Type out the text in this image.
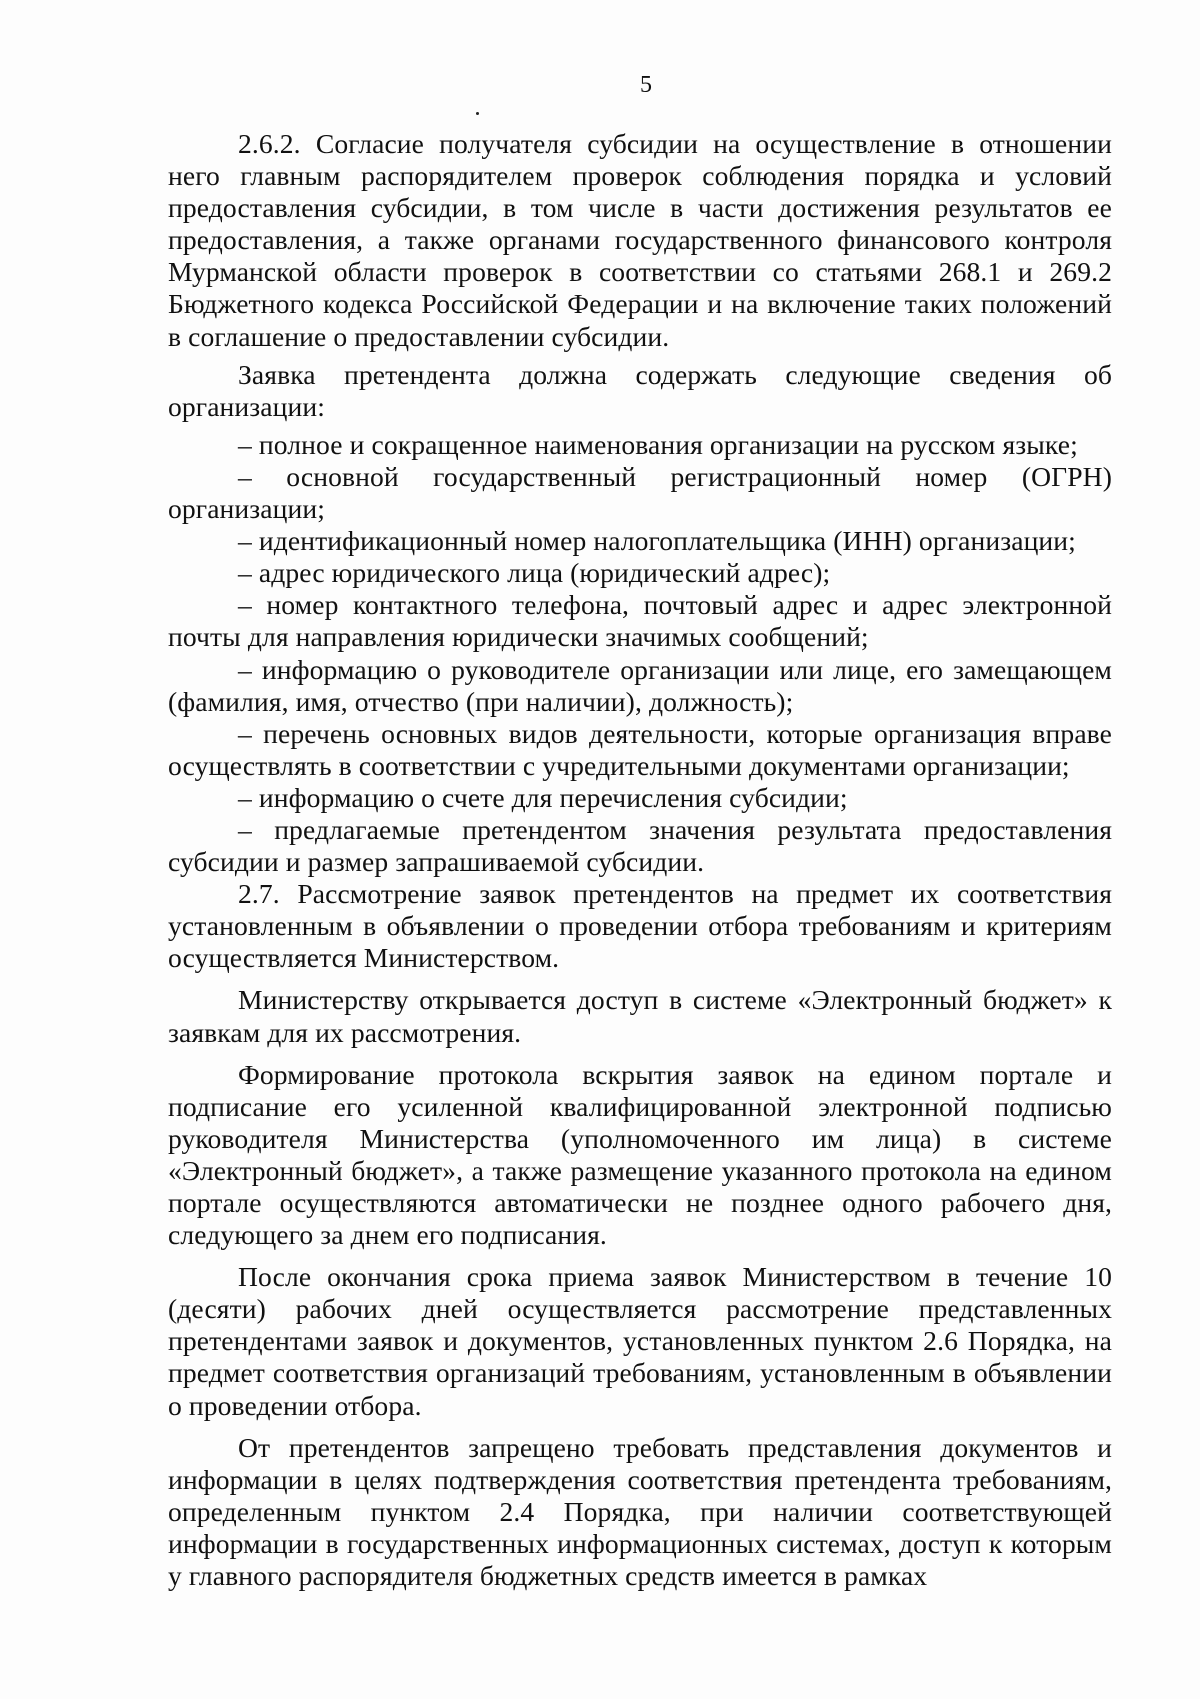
5

2.6.2. Согласие получателя субсидии на осуществление в отношении него главным распорядителем проверок соблюдения порядка и условий предоставления субсидии, в том числе в части достижения результатов ее предоставления, а также органами государственного финансового контроля Мурманской области проверок в соответствии со статьями 268.1 и 269.2 Бюджетного кодекса Российской Федерации и на включение таких положений в соглашение о предоставлении субсидии.

Заявка претендента должна содержать следующие сведения об организации:

– полное и сокращенное наименования организации на русском языке;

– основной государственный регистрационный номер (ОГРН) организации;

– идентификационный номер налогоплательщика (ИНН) организации;

– адрес юридического лица (юридический адрес);

– номер контактного телефона, почтовый адрес и адрес электронной почты для направления юридически значимых сообщений;

– информацию о руководителе организации или лице, его замещающем (фамилия, имя, отчество (при наличии), должность);

– перечень основных видов деятельности, которые организация вправе осуществлять в соответствии с учредительными документами организации;

– информацию о счете для перечисления субсидии;

– предлагаемые претендентом значения результата предоставления субсидии и размер запрашиваемой субсидии.

2.7. Рассмотрение заявок претендентов на предмет их соответствия установленным в объявлении о проведении отбора требованиям и критериям осуществляется Министерством.

Министерству открывается доступ в системе «Электронный бюджет» к заявкам для их рассмотрения.

Формирование протокола вскрытия заявок на едином портале и подписание его усиленной квалифицированной электронной подписью руководителя Министерства (уполномоченного им лица) в системе «Электронный бюджет», а также размещение указанного протокола на едином портале осуществляются автоматически не позднее одного рабочего дня, следующего за днем его подписания.

После окончания срока приема заявок Министерством в течение 10 (десяти) рабочих дней осуществляется рассмотрение представленных претендентами заявок и документов, установленных пунктом 2.6 Порядка, на предмет соответствия организаций требованиям, установленным в объявлении о проведении отбора.

От претендентов запрещено требовать представления документов и информации в целях подтверждения соответствия претендента требованиям, определенным пунктом 2.4 Порядка, при наличии соответствующей информации в государственных информационных системах, доступ к которым у главного распорядителя бюджетных средств имеется в рамках
